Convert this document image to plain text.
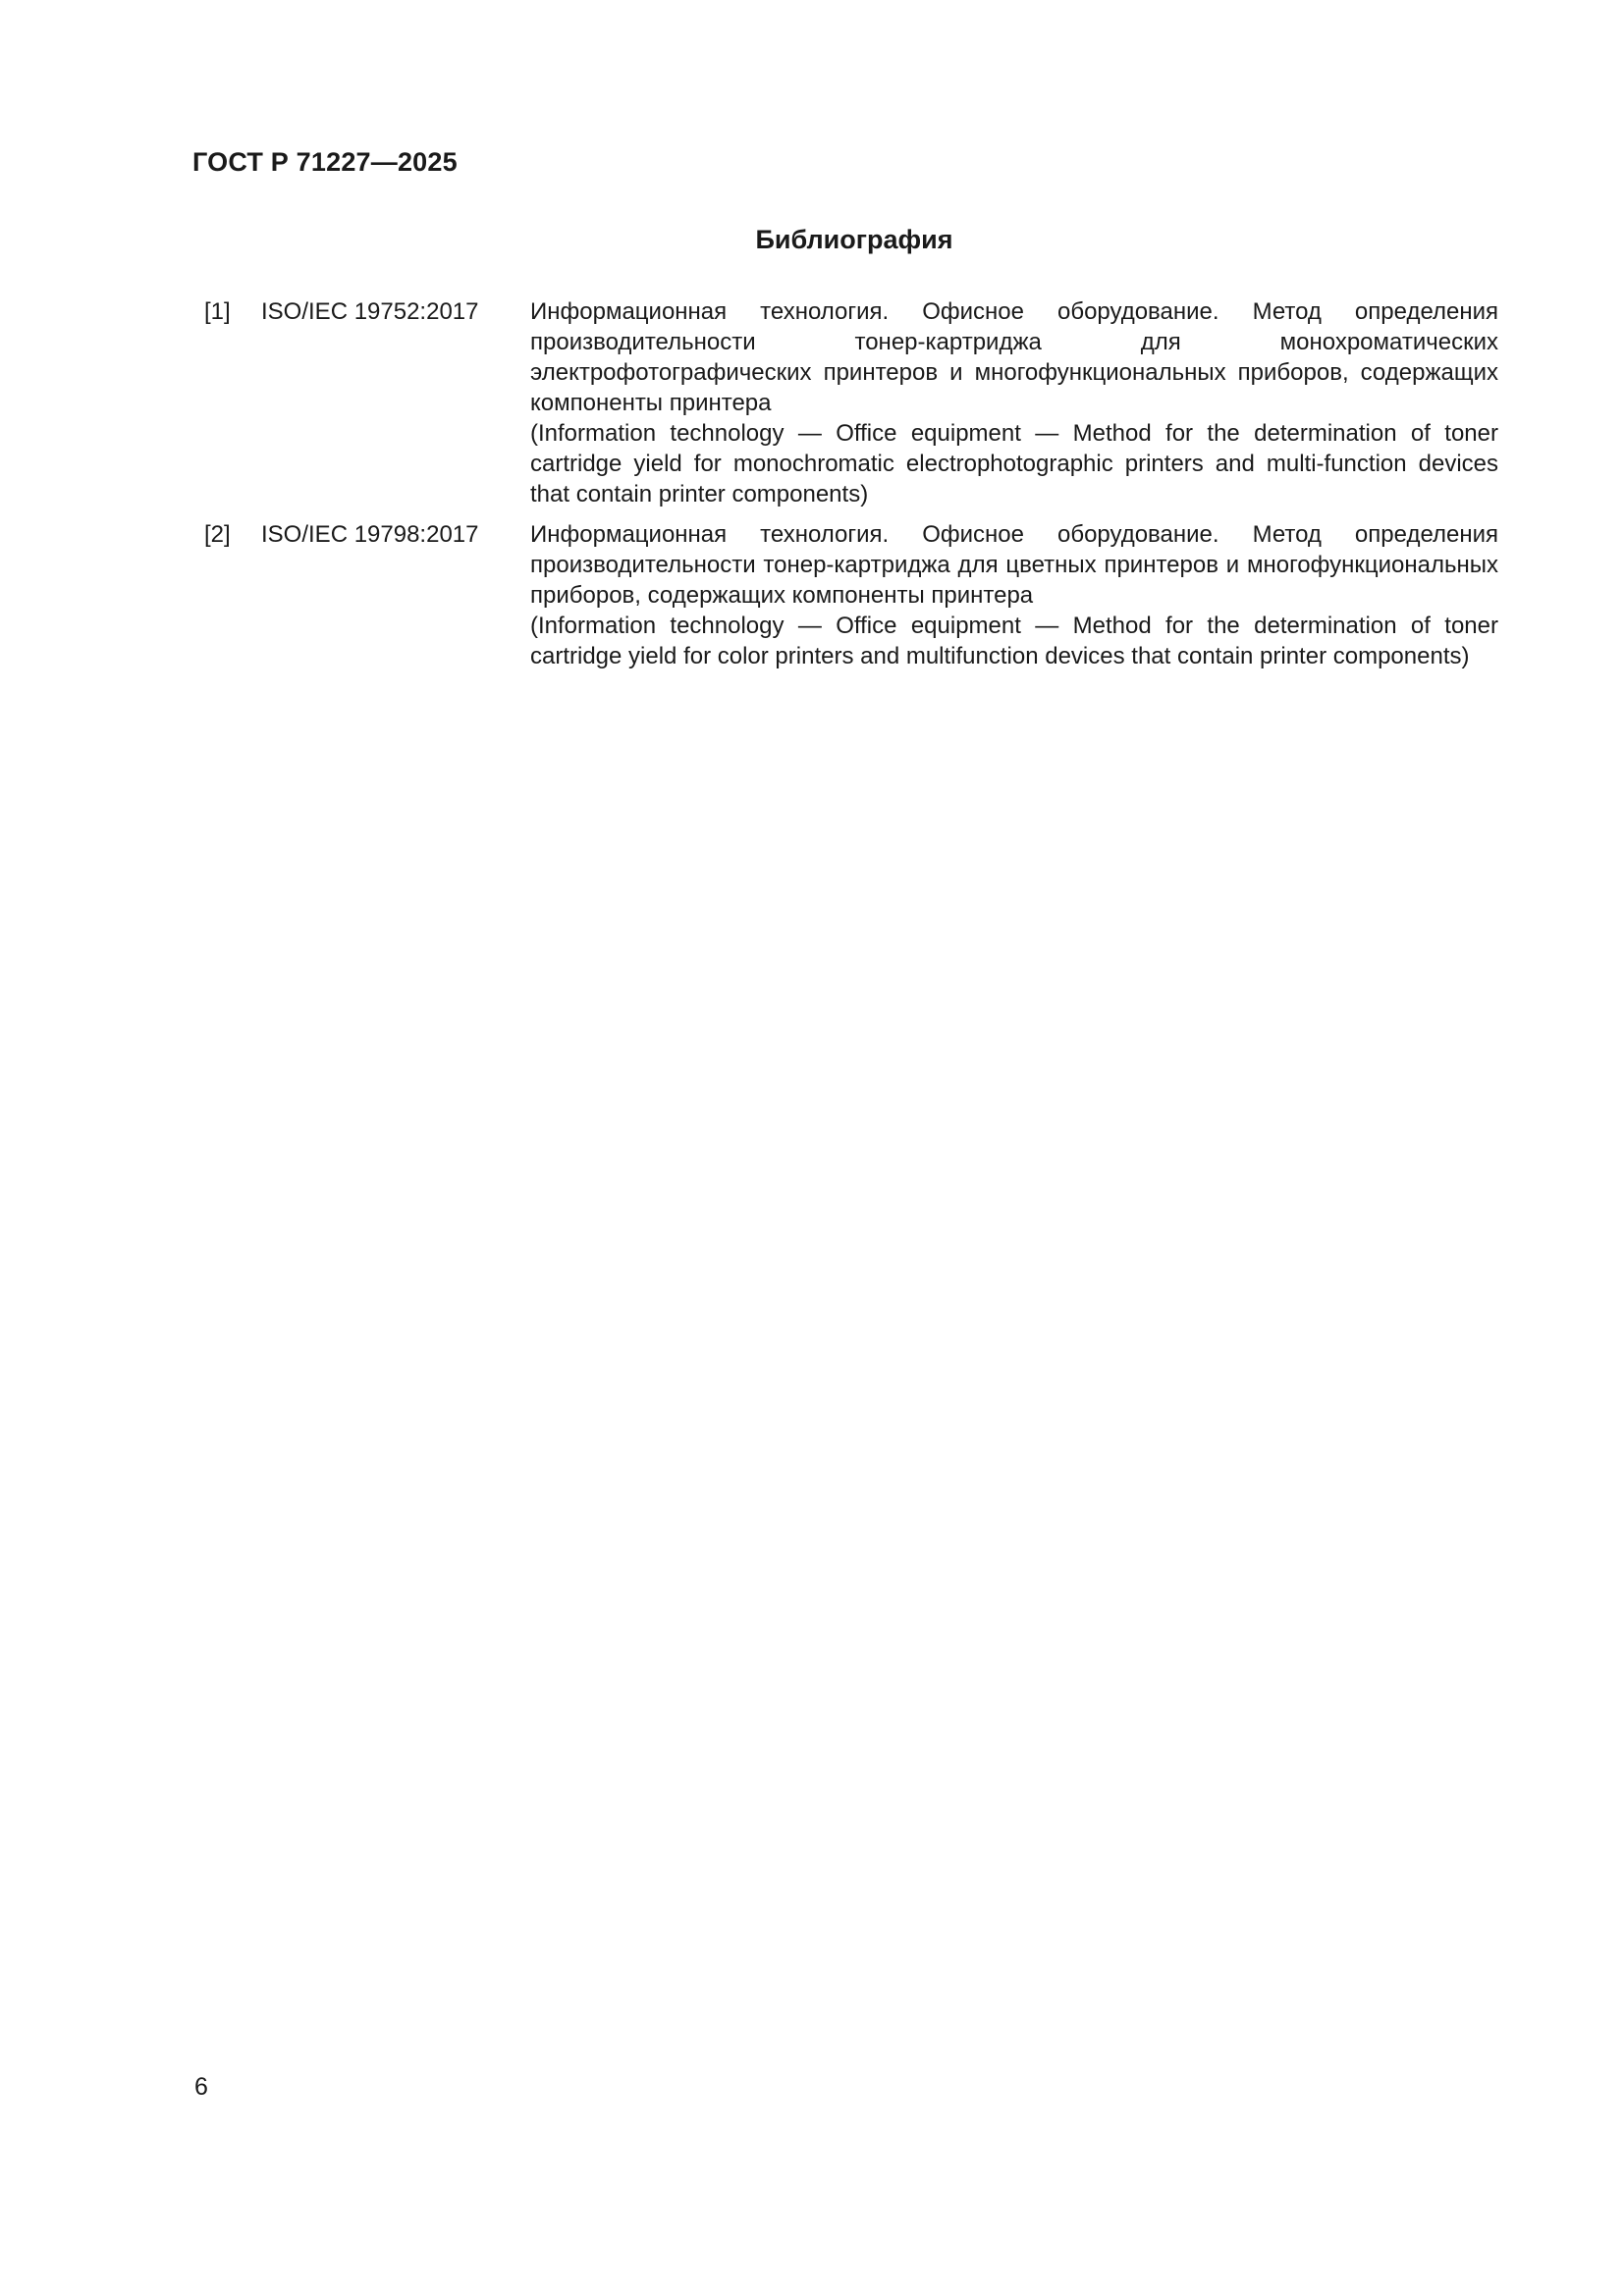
ГОСТ Р 71227—2025
Библиография
[1] ISO/IEC 19752:2017 Информационная технология. Офисное оборудование. Метод определения производительности тонер-картриджа для монохроматических электрофотографических принтеров и многофункциональных приборов, содержащих компоненты принтера

(Information technology — Office equipment — Method for the determination of toner cartridge yield for monochromatic electrophotographic printers and multi-function devices that contain printer components)

[2] ISO/IEC 19798:2017 Информационная технология. Офисное оборудование. Метод определения производительности тонер-картриджа для цветных принтеров и многофункциональных приборов, содержащих компоненты принтера

(Information technology — Office equipment — Method for the determination of toner cartridge yield for color printers and multifunction devices that contain printer components)

6
